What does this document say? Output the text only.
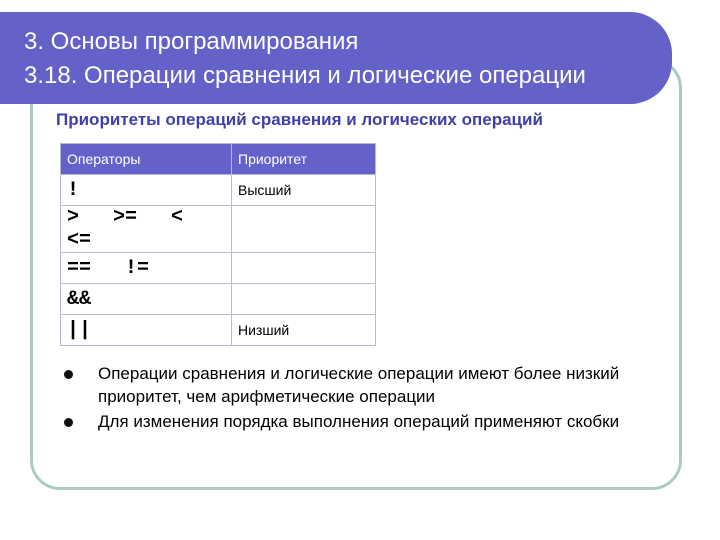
3. Основы программирования
3.18. Операции сравнения и логические операции
Приоритеты операций сравнения и логических операций
Операторы	Приоритет
!	Высший
> >= < <=	
== !=	
&&	
||	Низший
Операции сравнения и логические операции имеют более низкий приоритет, чем арифметические операции
Для изменения порядка выполнения операций применяют скобки
